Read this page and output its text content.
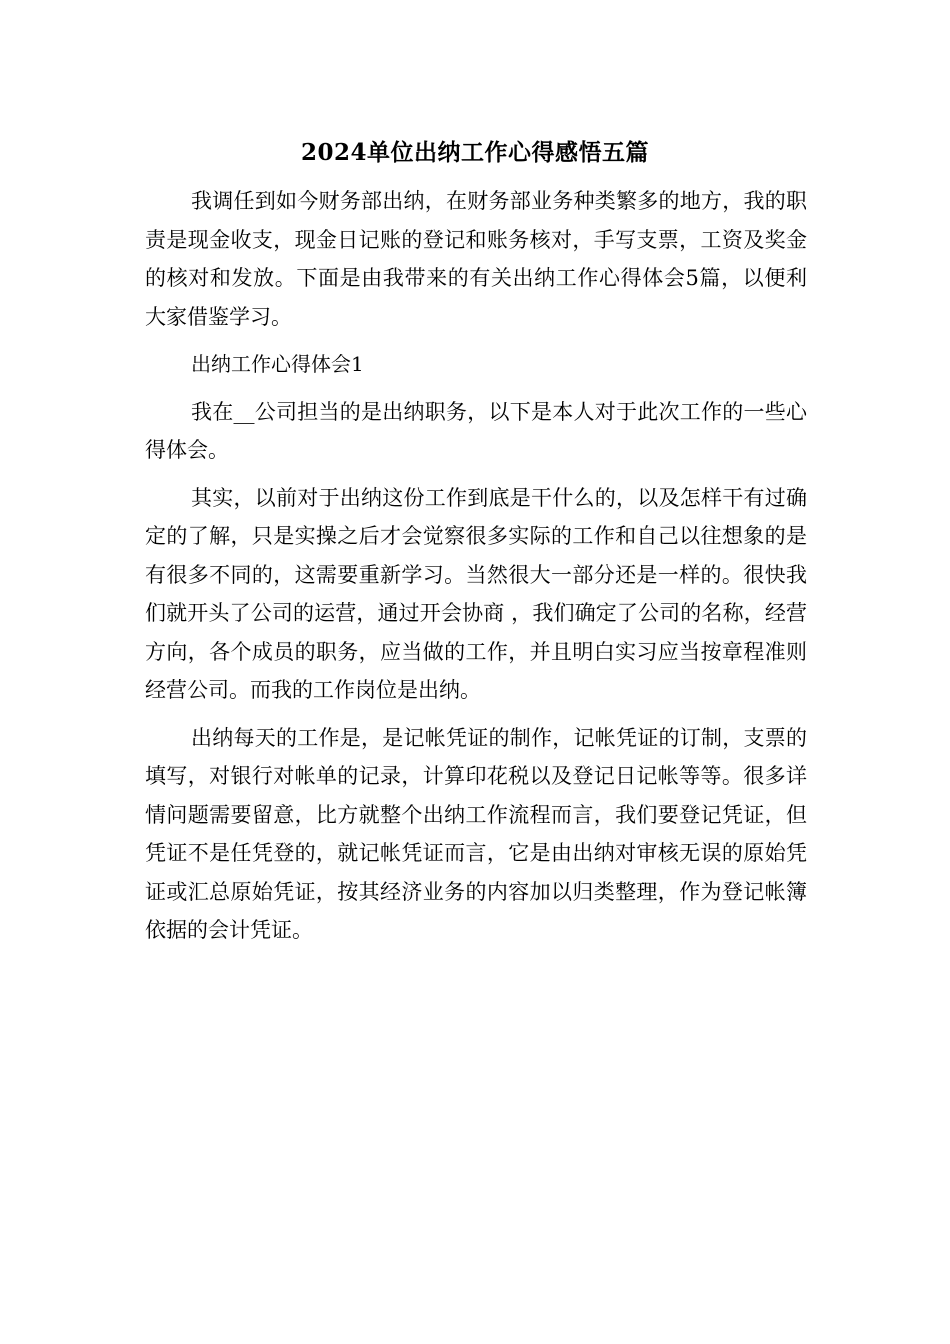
2024单位出纳工作心得感悟五篇

我调任到如今财务部出纳，在财务部业务种类繁多的地方，我的职责是现金收支，现金日记账的登记和账务核对，手写支票，工资及奖金的核对和发放。下面是由我带来的有关出纳工作心得体会5篇，以便利大家借鉴学习。

出纳工作心得体会1

我在__公司担当的是出纳职务，以下是本人对于此次工作的一些心得体会。

其实，以前对于出纳这份工作到底是干什么的，以及怎样干有过确定的了解，只是实操之后才会觉察很多实际的工作和自己以往想象的是有很多不同的，这需要重新学习。当然很大一部分还是一样的。很快我们就开头了公司的运营，通过开会协商 ，我们确定了公司的名称，经营方向，各个成员的职务，应当做的工作，并且明白实习应当按章程准则经营公司。而我的工作岗位是出纳。

出纳每天的工作是，是记帐凭证的制作，记帐凭证的订制，支票的填写，对银行对帐单的记录，计算印花税以及登记日记帐等等。很多详情问题需要留意，比方就整个出纳工作流程而言，我们要登记凭证，但凭证不是任凭登的，就记帐凭证而言，它是由出纳对审核无误的原始凭证或汇总原始凭证，按其经济业务的内容加以归类整理，作为登记帐簿依据的会计凭证。
